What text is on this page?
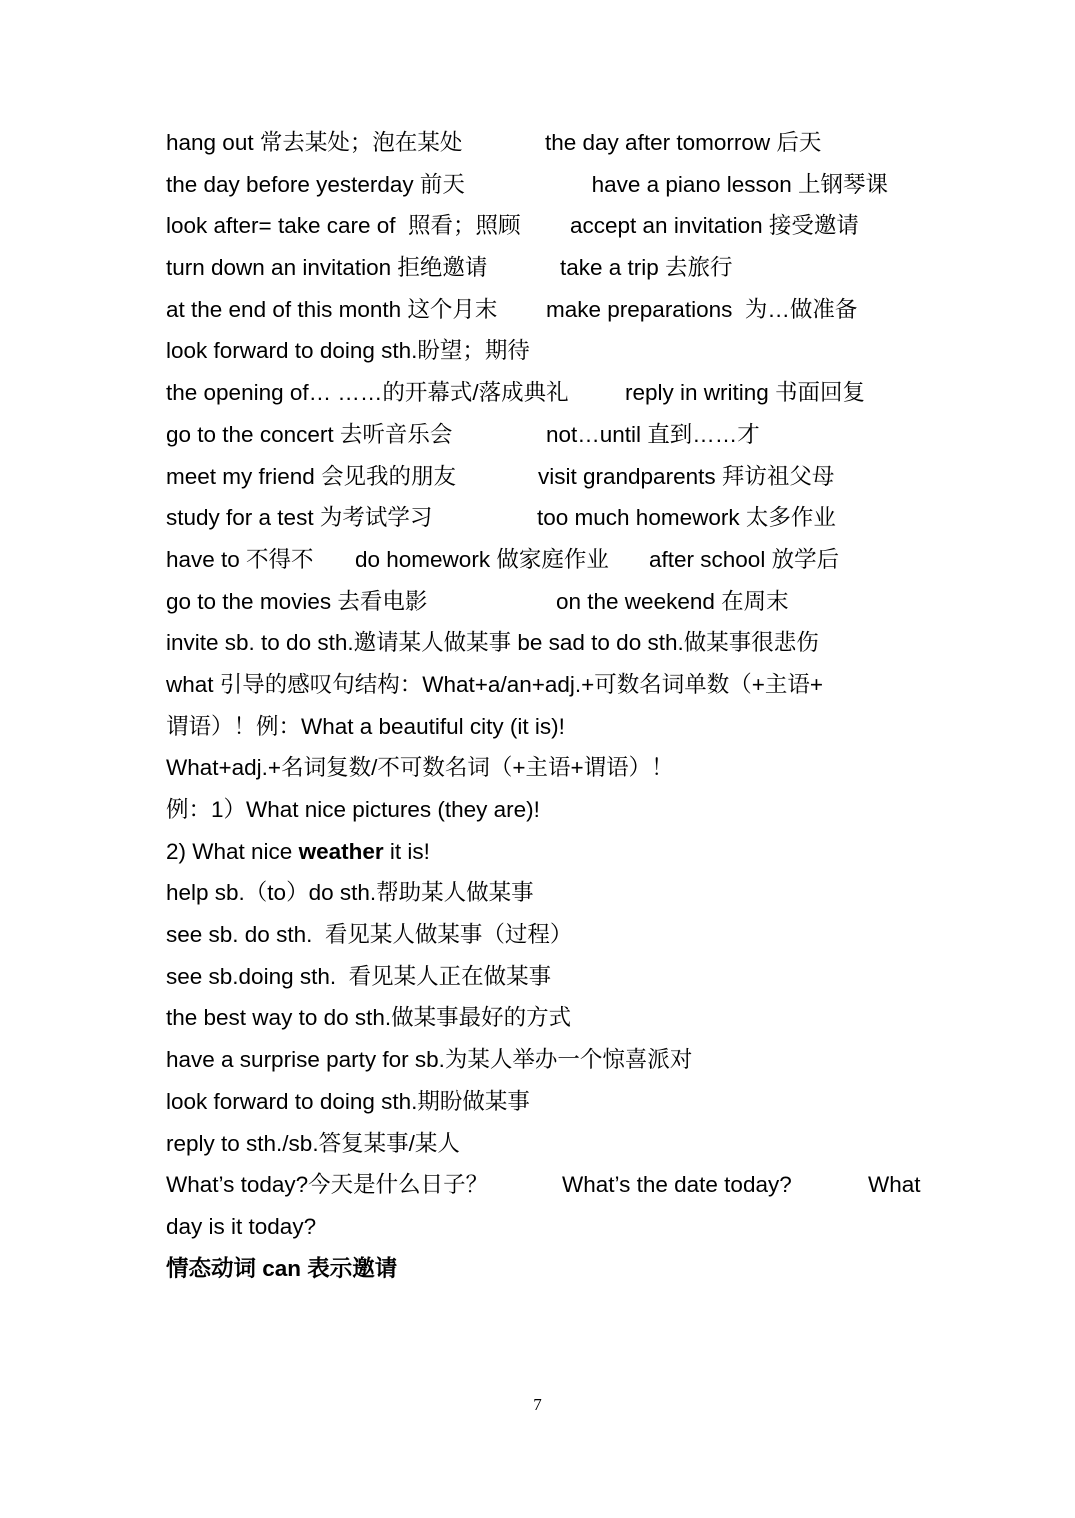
hang out 常去某处；泡在某处	the day after tomorrow 后天
the day before yesterday 前天	have a piano lesson 上钢琴课
look after= take care of  照看；照顾 accept an invitation 接受邀请
turn down an invitation 拒绝邀请	take a trip 去旅行
at the end of this month 这个月末 make preparations  为…做准备
look forward to doing sth.盼望；期待
the opening of… ……的开幕式/落成典礼	reply in writing 书面回复
go to the concert 去听音乐会	not…until 直到……才
meet my friend 会见我的朋友	visit grandparents 拜访祖父母
study for a test 为考试学习	too much homework 太多作业
have to 不得不 do homework 做家庭作业 after school 放学后
go to the movies 去看电影	on the weekend 在周末
invite sb. to do sth.邀请某人做某事 be sad to do sth.做某事很悲伤
what 引导的感叹句结构：What+a/an+adj.+可数名词单数（+主语+
谓语）！例：What a beautiful city (it is)!
What+adj.+名词复数/不可数名词（+主语+谓语）！
例：1）What nice pictures (they are)!
2) What nice weather it is!
help sb.（to）do sth.帮助某人做某事
see sb. do sth.  看见某人做某事（过程）
see sb.doing sth.  看见某人正在做某事
the best way to do sth.做某事最好的方式
have a surprise party for sb.为某人举办一个惊喜派对
look forward to doing sth.期盼做某事
reply to sth./sb.答复某事/某人
What’s today?今天是什么日子？	What’s the date today?	What
day is it today?
情态动词 can 表示邀请
7
